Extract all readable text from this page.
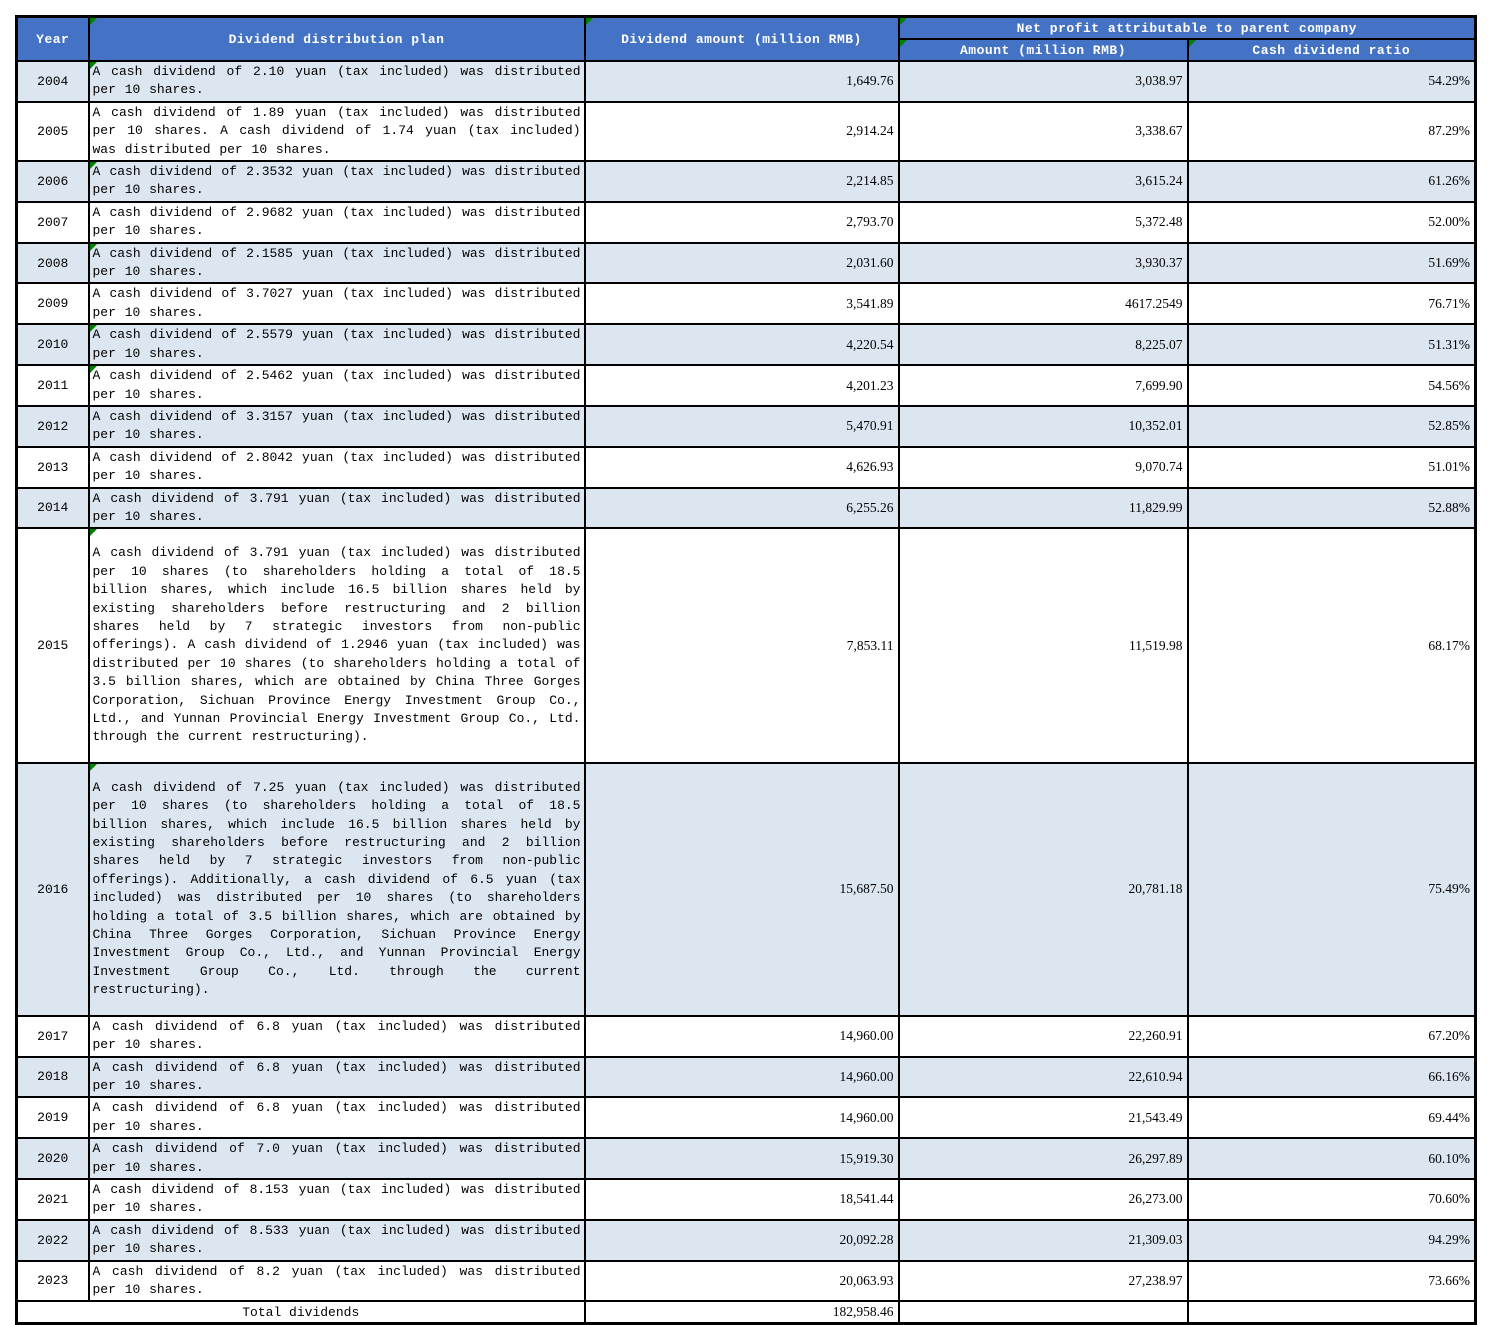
Year	Dividend distribution plan	Dividend amount (million RMB)	Net profit attributable to parent company	
			Amount (million RMB)	Cash dividend ratio
2004	A cash dividend of 2.10 yuan (tax included) was distributed per 10 shares.	1,649.76	3,038.97	54.29%
2005	A cash dividend of 1.89 yuan (tax included) was distributed per 10 shares. A cash dividend of 1.74 yuan (tax included) was distributed per 10 shares.	2,914.24	3,338.67	87.29%
2006	A cash dividend of 2.3532 yuan (tax included) was distributed per 10 shares.	2,214.85	3,615.24	61.26%
2007	A cash dividend of 2.9682 yuan (tax included) was distributed per 10 shares.	2,793.70	5,372.48	52.00%
2008	A cash dividend of 2.1585 yuan (tax included) was distributed per 10 shares.	2,031.60	3,930.37	51.69%
2009	A cash dividend of 3.7027 yuan (tax included) was distributed per 10 shares.	3,541.89	4617.2549	76.71%
2010	A cash dividend of 2.5579 yuan (tax included) was distributed per 10 shares.	4,220.54	8,225.07	51.31%
2011	A cash dividend of 2.5462 yuan (tax included) was distributed per 10 shares.	4,201.23	7,699.90	54.56%
2012	A cash dividend of 3.3157 yuan (tax included) was distributed per 10 shares.	5,470.91	10,352.01	52.85%
2013	A cash dividend of 2.8042 yuan (tax included) was distributed per 10 shares.	4,626.93	9,070.74	51.01%
2014	A cash dividend of 3.791 yuan (tax included) was distributed per 10 shares.	6,255.26	11,829.99	52.88%
2015	A cash dividend of 3.791 yuan (tax included) was distributed per 10 shares (to shareholders holding a total of 18.5 billion shares, which include 16.5 billion shares held by existing shareholders before restructuring and 2 billion shares held by 7 strategic investors from non-public offerings). A cash dividend of 1.2946 yuan (tax included) was distributed per 10 shares (to shareholders holding a total of 3.5 billion shares, which are obtained by China Three Gorges Corporation, Sichuan Province Energy Investment Group Co., Ltd., and Yunnan Provincial Energy Investment Group Co., Ltd. through the current restructuring).	7,853.11	11,519.98	68.17%
2016	A cash dividend of 7.25 yuan (tax included) was distributed per 10 shares (to shareholders holding a total of 18.5 billion shares, which include 16.5 billion shares held by existing shareholders before restructuring and 2 billion shares held by 7 strategic investors from non-public offerings). Additionally, a cash dividend of 6.5 yuan (tax included) was distributed per 10 shares (to shareholders holding a total of 3.5 billion shares, which are obtained by China Three Gorges Corporation, Sichuan Province Energy Investment Group Co., Ltd., and Yunnan Provincial Energy Investment Group Co., Ltd. through the current restructuring).	15,687.50	20,781.18	75.49%
2017	A cash dividend of 6.8 yuan (tax included) was distributed per 10 shares.	14,960.00	22,260.91	67.20%
2018	A cash dividend of 6.8 yuan (tax included) was distributed per 10 shares.	14,960.00	22,610.94	66.16%
2019	A cash dividend of 6.8 yuan (tax included) was distributed per 10 shares.	14,960.00	21,543.49	69.44%
2020	A cash dividend of 7.0 yuan (tax included) was distributed per 10 shares.	15,919.30	26,297.89	60.10%
2021	A cash dividend of 8.153 yuan (tax included) was distributed per 10 shares.	18,541.44	26,273.00	70.60%
2022	A cash dividend of 8.533 yuan (tax included) was distributed per 10 shares.	20,092.28	21,309.03	94.29%
2023	A cash dividend of 8.2 yuan (tax included) was distributed per 10 shares.	20,063.93	27,238.97	73.66%
Total dividends		182,958.46		
